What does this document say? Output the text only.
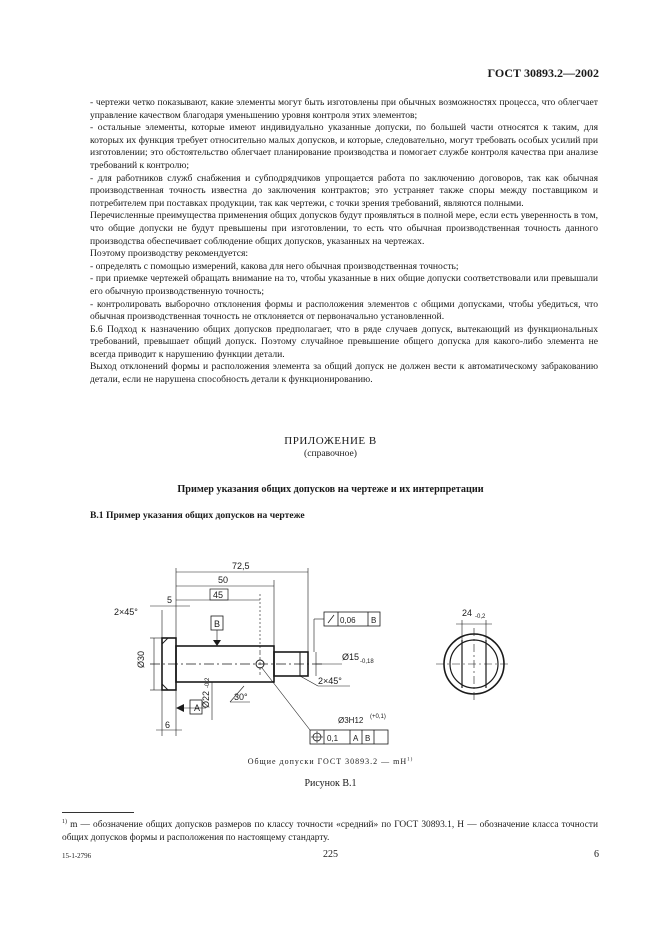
ГОСТ 30893.2—2002

- чертежи четко показывают, какие элементы могут быть изготовлены при обычных возможностях процесса, что облегчает управление качеством благодаря уменьшению уровня контроля этих элементов;

- остальные элементы, которые имеют индивидуально указанные допуски, по большей части относятся к таким, для которых их функция требует относительно малых допусков, и которые, следовательно, могут требовать особых усилий при изготовлении; это обстоятельство облегчает планирование производства и помогает службе контроля качества при анализе требований к контролю;

- для работников служб снабжения и субподрядчиков упрощается работа по заключению договоров, так как обычная производственная точность известна до заключения контрактов; это устраняет также споры между поставщиком и потребителем при поставках продукции, так как чертежи, с точки зрения требований, являются полными.

Перечисленные преимущества применения общих допусков будут проявляться в полной мере, если есть уверенность в том, что общие допуски не будут превышены при изготовлении, то есть что обычная производственная точность данного производства обеспечивает соблюдение общих допусков, указанных на чертежах.

Поэтому производству рекомендуется:

- определять с помощью измерений, какова для него обычная производственная точность;

- при приемке чертежей обращать внимание на то, чтобы указанные в них общие допуски соответствовали или превышали его обычную производственную точность;

- контролировать выборочно отклонения формы и расположения элементов с общими допусками, чтобы убедиться, что обычная производственная точность не отклоняется от первоначально установленной.

Б.6 Подход к назначению общих допусков предполагает, что в ряде случаев допуск, вытекающий из функциональных требований, превышает общий допуск. Поэтому случайное превышение общего допуска для какого-либо элемента не всегда приводит к нарушению функции детали.

Выход отклонений формы и расположения элемента за общий допуск не должен вести к автоматическому забракованию детали, если не нарушена способность детали к функционированию.

ПРИЛОЖЕНИЕ В
(справочное)
Пример указания общих допусков на чертеже и их интерпретации
В.1 Пример указания общих допусков на чертеже
72,5
50
45
5
2×45°
Ø30
Ø22
-0,2
A
B
6
30°
0,06 B
Ø15 -0,18
2×45°
Ø3H12 (+0,1)
0,1 A B
24 -0,2
Общие допуски ГОСТ 30893.2 — $mH^{1)}$
Рисунок В.1
$^{1)}$ m — обозначение общих допусков размеров по классу точности «средний» по ГОСТ 30893.1, H — обозначение класса точности общих допусков формы и расположения по настоящему стандарту.
15-1-2796	225	6
